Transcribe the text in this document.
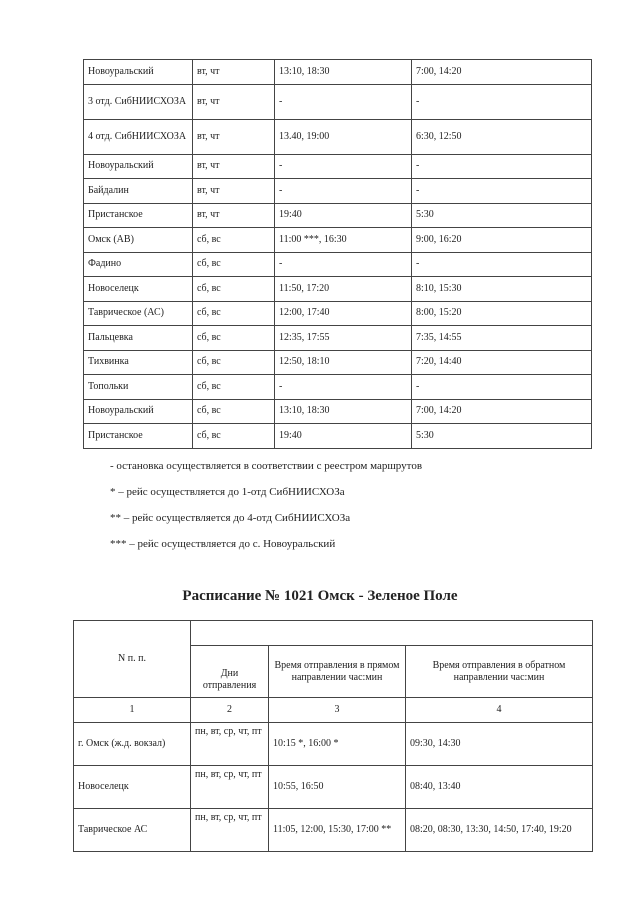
Новоуральский	вт, чт	13:10, 18:30	7:00, 14:20
3 отд. СибНИИСХОЗА	вт, чт	-	-
4 отд. СибНИИСХОЗА	вт, чт	13.40, 19:00	6:30, 12:50
Новоуральский	вт, чт	-	-
Байдалин	вт, чт	-	-
Пристанское	вт, чт	19:40	5:30
Омск (АВ)	сб, вс	11:00 ***, 16:30	9:00, 16:20
Фадино	сб, вс	-	-
Новоселецк	сб, вс	11:50, 17:20	8:10, 15:30
Таврическое (АС)	сб, вс	12:00, 17:40	8:00, 15:20
Пальцевка	сб, вс	12:35, 17:55	7:35, 14:55
Тихвинка	сб, вс	12:50, 18:10	7:20, 14:40
Топольки	сб, вс	-	-
Новоуральский	сб, вс	13:10, 18:30	7:00, 14:20
Пристанское	сб, вс	19:40	5:30
- остановка осуществляется в соответствии с реестром маршрутов
* – рейс осуществляется до 1-отд СибНИИСХОЗа
** – рейс осуществляется до 4-отд СибНИИСХОЗа
*** – рейс осуществляется до с. Новоуральский
Расписание № 1021 Омск - Зеленое Поле
N п. п.			
	Дни отправления	Время отправления в прямом направлении час:мин	Время отправления в обратном направлении час:мин
1	2	3	4
г. Омск (ж.д. вокзал)	пн, вт, ср, чт, пт	10:15 *, 16:00 *	09:30, 14:30
Новоселецк	пн, вт, ср, чт, пт	10:55, 16:50	08:40, 13:40
Таврическое АС	пн, вт, ср, чт, пт	11:05, 12:00, 15:30, 17:00 **	08:20, 08:30, 13:30, 14:50, 17:40, 19:20
